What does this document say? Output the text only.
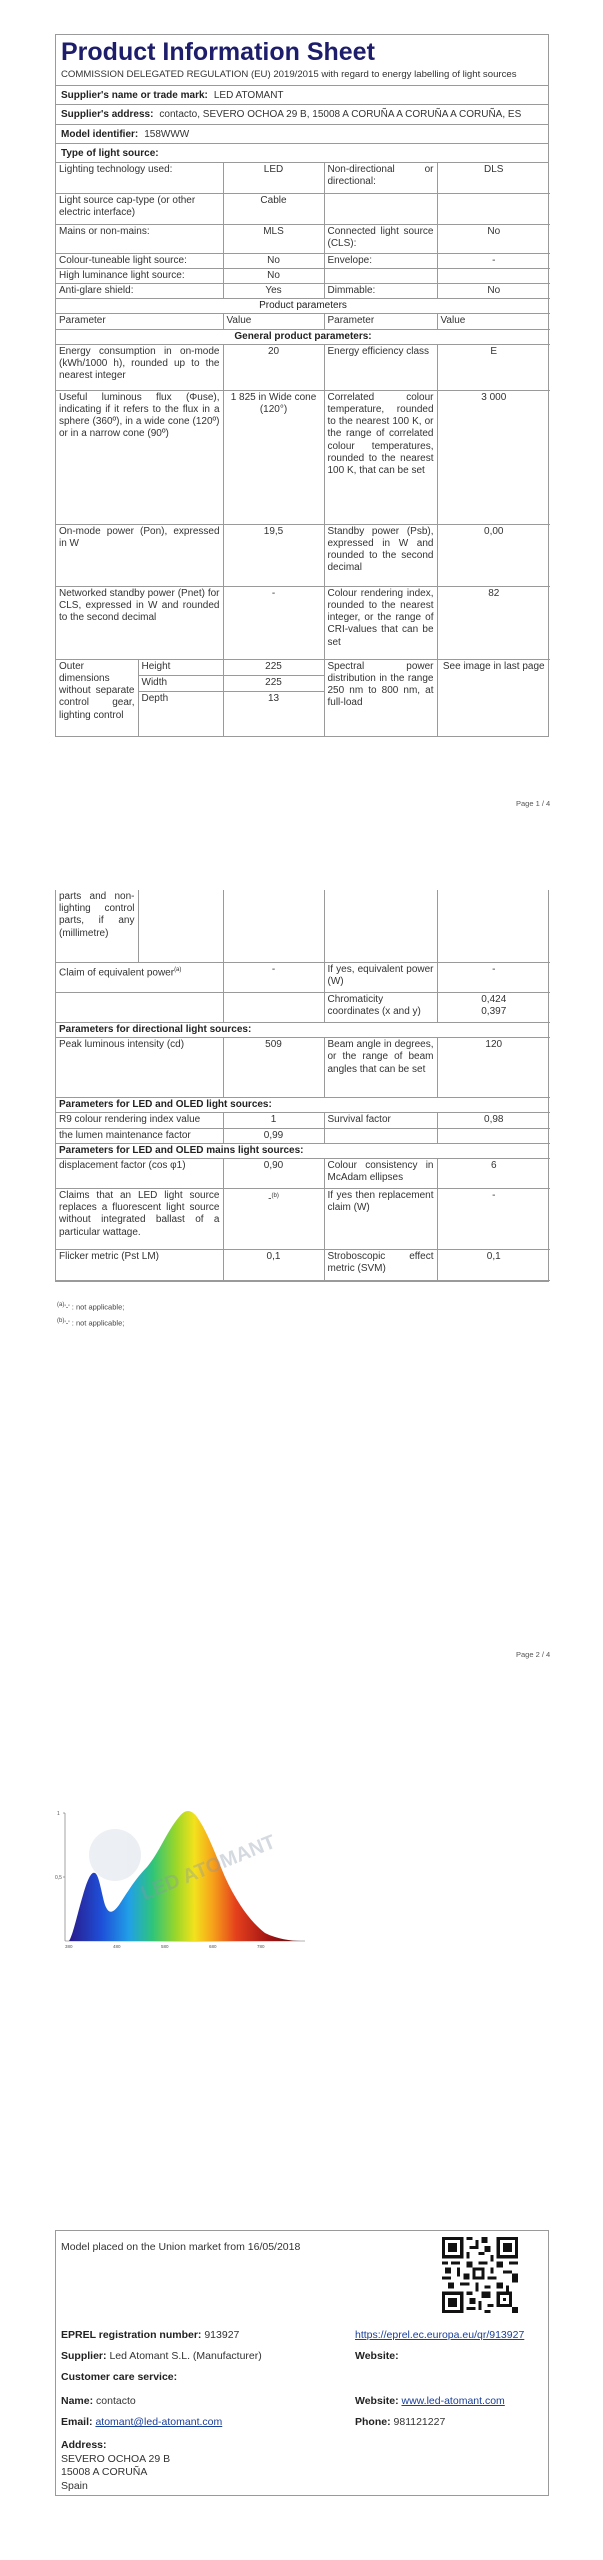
Product Information Sheet
COMMISSION DELEGATED REGULATION (EU) 2019/2015 with regard to energy labelling of light sources
Supplier's name or trade mark: LED ATOMANT
Supplier's address: contacto, SEVERO OCHOA 29 B, 15008 A CORUÑA A CORUÑA A CORUÑA, ES
Model identifier: 158WWW
Type of light source:
Lighting technology used:	LED	Non-directional or directional:	DLS
Light source cap-type (or other electric interface)	Cable		
Mains or non-mains:	MLS	Connected light source (CLS):	No
Colour-tuneable light source:	No	Envelope:	-
High luminance light source:	No		
Anti-glare shield:	Yes	Dimmable:	No
Product parameters			
Parameter	Value	Parameter	Value
General product parameters:			
Energy consumption in on-mode (kWh/1000 h), rounded up to the nearest integer	20	Energy efficiency class	E
Useful luminous flux (Φuse), indicating if it refers to the flux in a sphere (360º), in a wide cone (120º) or in a narrow cone (90º)	1 825 in Wide cone (120°)	Correlated colour temperature, rounded to the nearest 100 K, or the range of correlated colour temperatures, rounded to the nearest 100 K, that can be set	3 000
On-mode power (Pon), expressed in W	19,5	Standby power (Psb), expressed in W and rounded to the second decimal	0,00
Networked standby power (Pnet) for CLS, expressed in W and rounded to the second decimal	-	Colour rendering index, rounded to the nearest integer, or the range of CRI-values that can be set	82
Outer dimensions without separate control gear, lighting control	Height	225	Spectral power distribution in the range 250 nm to 800 nm, at full-load	See image in last page
	Width	225		
	Depth	13		
Page 1 / 4
parts and non-lighting control parts, if any (millimetre)				
Claim of equivalent power$^{(a)}$	-	If yes, equivalent power (W)	-
		Chromaticity coordinates (x and y)	0,424
0,397

Parameters for directional light sources:			
Peak luminous intensity (cd)	509	Beam angle in degrees, or the range of beam angles that can be set	120
Parameters for LED and OLED light sources:			
R9 colour rendering index value	1	Survival factor	0,98
the lumen maintenance factor	0,99		
Parameters for LED and OLED mains light sources:			
displacement factor (cos φ1)	0,90	Colour consistency in McAdam ellipses	6
Claims that an LED light source replaces a fluorescent light source without integrated ballast of a particular wattage.	-$^{(b)}$	If yes then replacement claim (W)	-
Flicker metric (Pst LM)	0,1	Stroboscopic effect metric (SVM)	0,1
$^{(a)}$'-' : not applicable;
$^{(b)}$'-' : not applicable;
Page 2 / 4
1
0,5	LED ATOMANT
380	480	580	680	780
Model placed on the Union market from 16/05/2018
EPREL registration number: 913927	https://eprel.ec.europa.eu/qr/913927
Supplier: Led Atomant S.L. (Manufacturer)	Website:
Customer care service:
Name: contacto	Website: www.led-atomant.com
Email: atomant@led-atomant.com	Phone: 981121227
Address:
SEVERO OCHOA 29 B
15008 A CORUÑA
Spain
